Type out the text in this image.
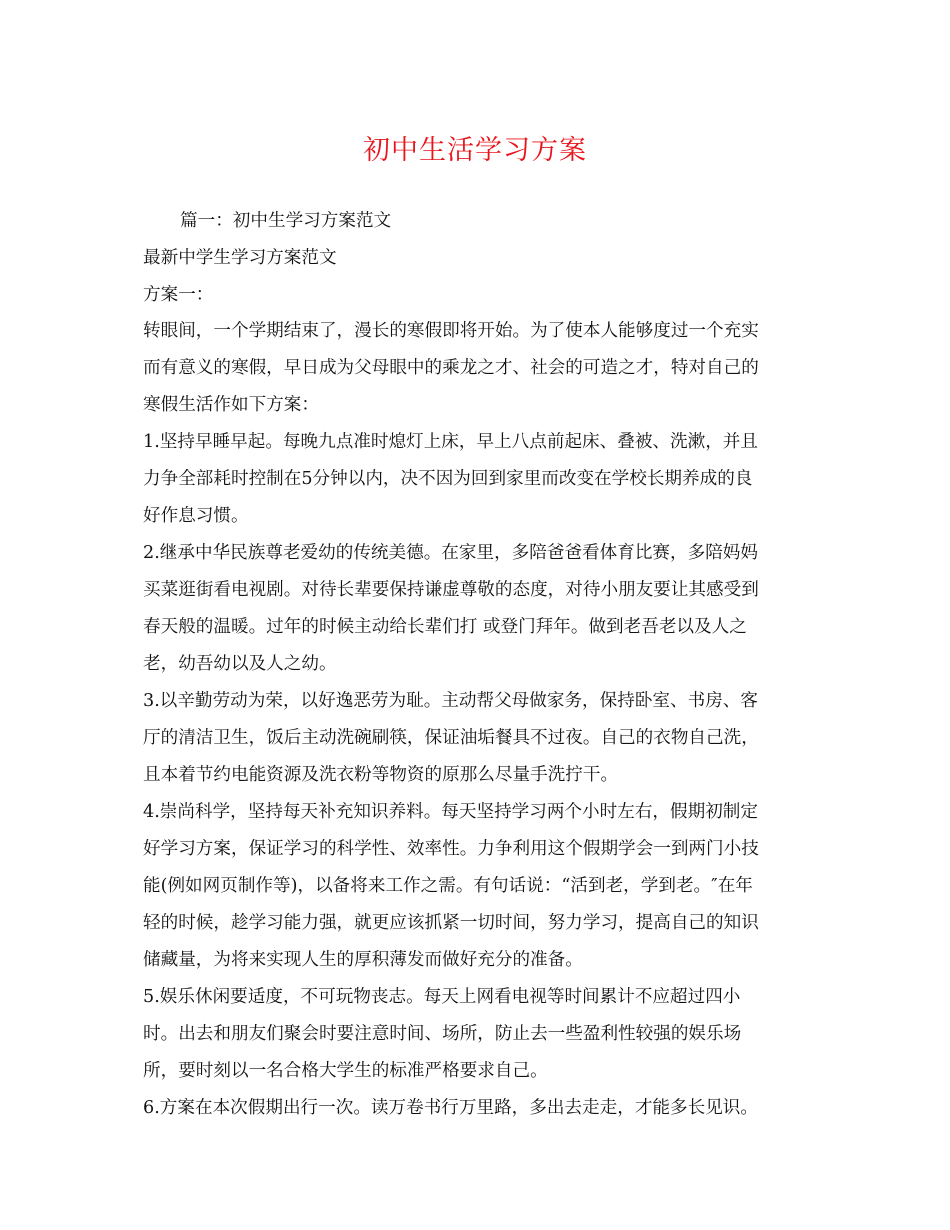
初中生活学习方案
篇一：初中生学习方案范文
最新中学生学习方案范文
方案一：
转眼间，一个学期结束了，漫长的寒假即将开始。为了使本人能够度过一个充实
而有意义的寒假，早日成为父母眼中的乘龙之才、社会的可造之才，特对自己的
寒假生活作如下方案：
1.坚持早睡早起。每晚九点准时熄灯上床，早上八点前起床、叠被、洗漱，并且
力争全部耗时控制在5分钟以内，决不因为回到家里而改变在学校长期养成的良
好作息习惯。
2.继承中华民族尊老爱幼的传统美德。在家里，多陪爸爸看体育比赛，多陪妈妈
买菜逛街看电视剧。对待长辈要保持谦虚尊敬的态度，对待小朋友要让其感受到
春天般的温暖。过年的时候主动给长辈们打 或登门拜年。做到老吾老以及人之
老，幼吾幼以及人之幼。
3.以辛勤劳动为荣，以好逸恶劳为耻。主动帮父母做家务，保持卧室、书房、客
厅的清洁卫生，饭后主动洗碗刷筷，保证油垢餐具不过夜。自己的衣物自己洗，
且本着节约电能资源及洗衣粉等物资的原那么尽量手洗拧干。
4.崇尚科学，坚持每天补充知识养料。每天坚持学习两个小时左右，假期初制定
好学习方案，保证学习的科学性、效率性。力争利用这个假期学会一到两门小技
能(例如网页制作等)，以备将来工作之需。有句话说：“活到老，学到老。″在年
轻的时候，趁学习能力强，就更应该抓紧一切时间，努力学习，提高自己的知识
储藏量，为将来实现人生的厚积薄发而做好充分的准备。
5.娱乐休闲要适度，不可玩物丧志。每天上网看电视等时间累计不应超过四小
时。出去和朋友们聚会时要注意时间、场所，防止去一些盈利性较强的娱乐场
所，要时刻以一名合格大学生的标准严格要求自己。
6.方案在本次假期出行一次。读万卷书行万里路，多出去走走，才能多长见识。
